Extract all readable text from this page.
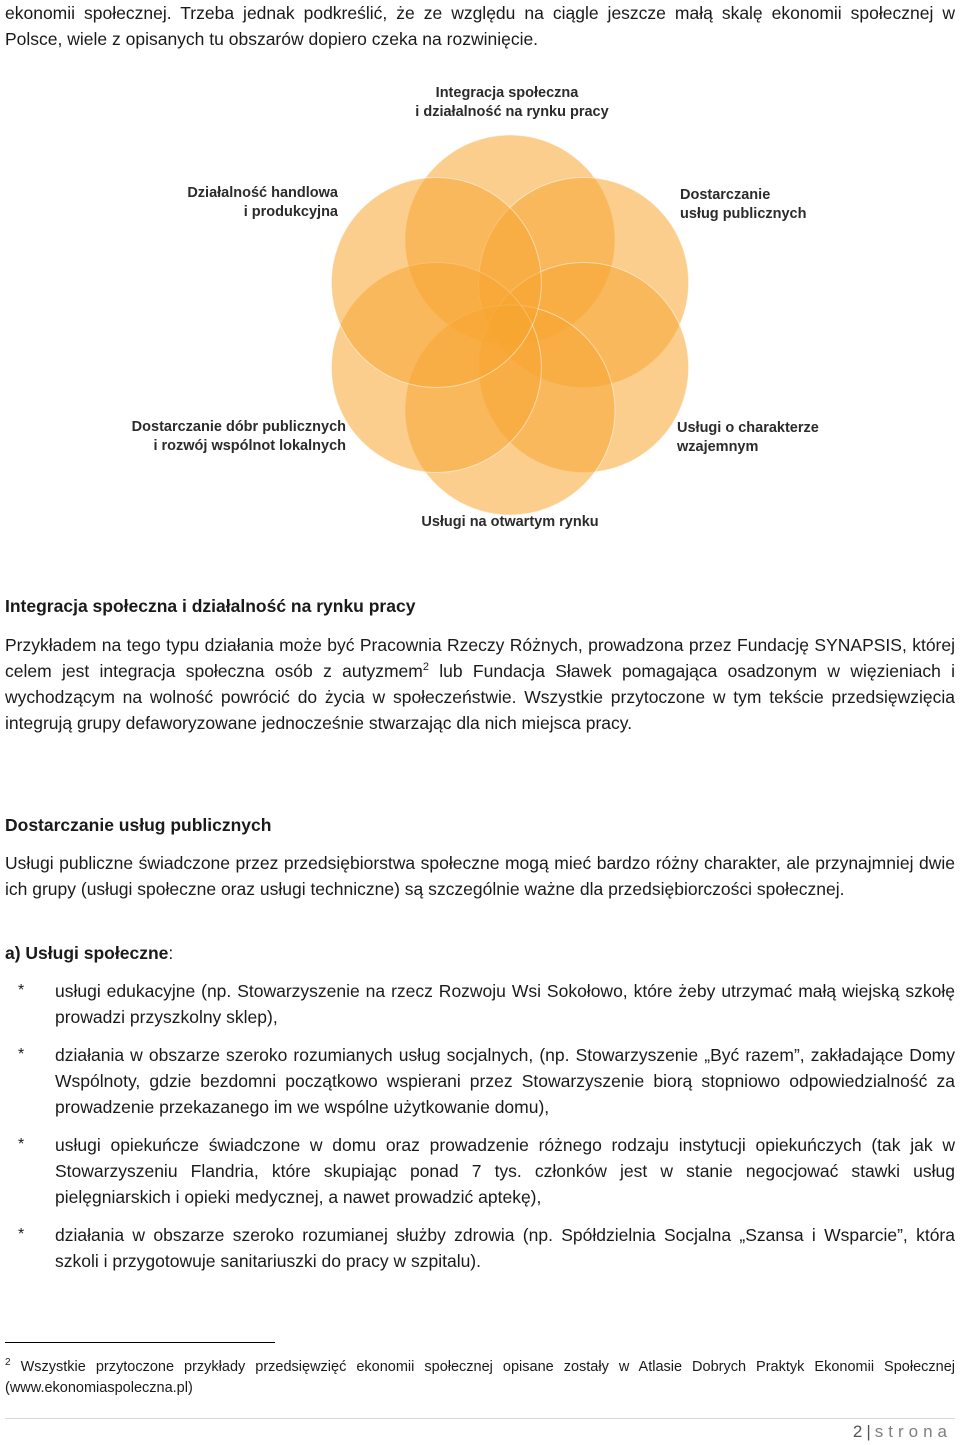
ekonomii społecznej. Trzeba jednak podkreślić, że ze względu na ciągle jeszcze małą skalę ekonomii społecznej w Polsce, wiele z opisanych tu obszarów dopiero czeka na rozwinięcie.

Integracja społeczna
i działalność na rynku pracy
Działalność handlowa
i produkcyjna
Dostarczanie
usług publicznych
Dostarczanie dóbr publicznych
i rozwój wspólnot lokalnych
Usługi o charakterze
wzajemnym
Usługi na otwartym rynku
Integracja społeczna i działalność na rynku pracy

Przykładem na tego typu działania może być Pracownia Rzeczy Różnych, prowadzona przez Fundację SYNAPSIS, której celem jest integracja społeczna osób z autyzmem$^2$ lub Fundacja Sławek pomagająca osadzonym w więzieniach i wychodzącym na wolność powrócić do życia w społeczeństwie. Wszystkie przytoczone w tym tekście przedsięwzięcia integrują grupy defaworyzowane jednocześnie stwarzając dla nich miejsca pracy.

Dostarczanie usług publicznych

Usługi publiczne świadczone przez przedsiębiorstwa społeczne mogą mieć bardzo różny charakter, ale przynajmniej dwie ich grupy (usługi społeczne oraz usługi techniczne) są szczególnie ważne dla przedsiębiorczości społecznej.

a) Usługi społeczne:
* usługi edukacyjne (np. Stowarzyszenie na rzecz Rozwoju Wsi Sokołowo, które żeby utrzymać małą wiejską szkołę prowadzi przyszkolny sklep),
* działania w obszarze szeroko rozumianych usług socjalnych, (np. Stowarzyszenie „Być razem”, zakładające Domy Wspólnoty, gdzie bezdomni początkowo wspierani przez Stowarzyszenie biorą stopniowo odpowiedzialność za prowadzenie przekazanego im we wspólne użytkowanie domu),
* usługi opiekuńcze świadczone w domu oraz prowadzenie różnego rodzaju instytucji opiekuńczych (tak jak w Stowarzyszeniu Flandria, które skupiając ponad 7 tys. członków jest w stanie negocjować stawki usług pielęgniarskich i opieki medycznej, a nawet prowadzić aptekę),
* działania w obszarze szeroko rozumianej służby zdrowia (np. Spółdzielnia Socjalna „Szansa i Wsparcie”, która szkoli i przygotowuje sanitariuszki do pracy w szpitalu).
$^2$ Wszystkie przytoczone przykłady przedsięwzięć ekonomii społecznej opisane zostały w Atlasie Dobrych Praktyk Ekonomii Społecznej (www.ekonomiaspoleczna.pl)
2 | strona
